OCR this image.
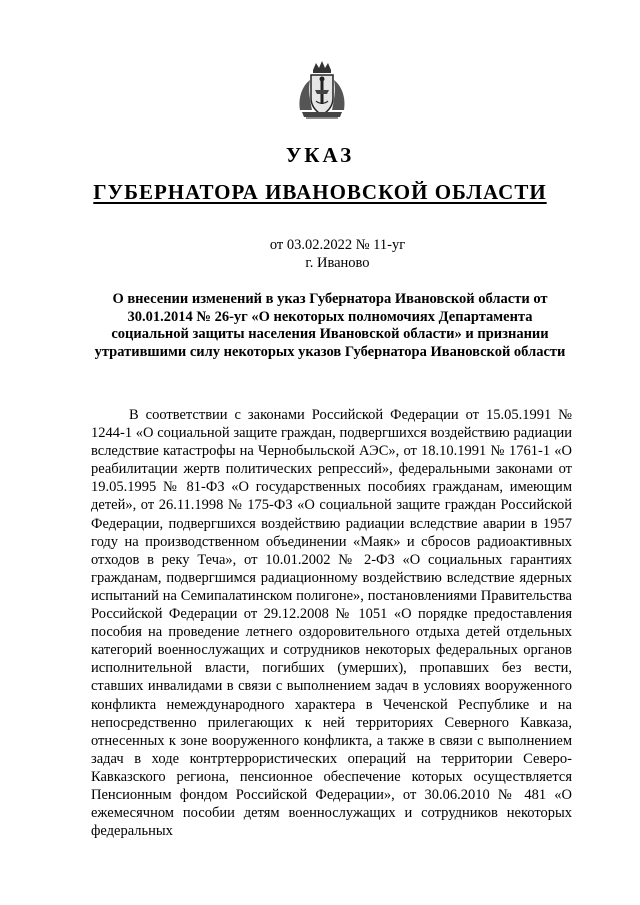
УКАЗ
ГУБЕРНАТОРА ИВАНОВСКОЙ ОБЛАСТИ
от 03.02.2022 № 11-уг
г. Иваново
О внесении изменений в указ Губернатора Ивановской области от 30.01.2014 № 26-уг «О некоторых полномочиях Департамента социальной защиты населения Ивановской области» и признании утратившими силу некоторых указов Губернатора Ивановской области
В соответствии с законами Российской Федерации от 15.05.1991 № 1244-1 «О социальной защите граждан, подвергшихся воздействию радиации вследствие катастрофы на Чернобыльской АЭС», от 18.10.1991 № 1761-1 «О реабилитации жертв политических репрессий», федеральными законами от 19.05.1995 № 81-ФЗ «О государственных пособиях гражданам, имеющим детей», от 26.11.1998 № 175-ФЗ «О социальной защите граждан Российской Федерации, подвергшихся воздействию радиации вследствие аварии в 1957 году на производственном объединении «Маяк» и сбросов радиоактивных отходов в реку Теча», от 10.01.2002 № 2-ФЗ «О социальных гарантиях гражданам, подвергшимся радиационному воздействию вследствие ядерных испытаний на Семипалатинском полигоне», постановлениями Правительства Российской Федерации от 29.12.2008 № 1051 «О порядке предоставления пособия на проведение летнего оздоровительного отдыха детей отдельных категорий военнослужащих и сотрудников некоторых федеральных органов исполнительной власти, погибших (умерших), пропавших без вести, ставших инвалидами в связи с выполнением задач в условиях вооруженного конфликта немеждународного характера в Чеченской Республике и на непосредственно прилегающих к ней территориях Северного Кавказа, отнесенных к зоне вооруженного конфликта, а также в связи с выполнением задач в ходе контртеррористических операций на территории Северо-Кавказского региона, пенсионное обеспечение которых осуществляется Пенсионным фондом Российской Федерации», от 30.06.2010 № 481 «О ежемесячном пособии детям военнослужащих и сотрудников некоторых федеральных
